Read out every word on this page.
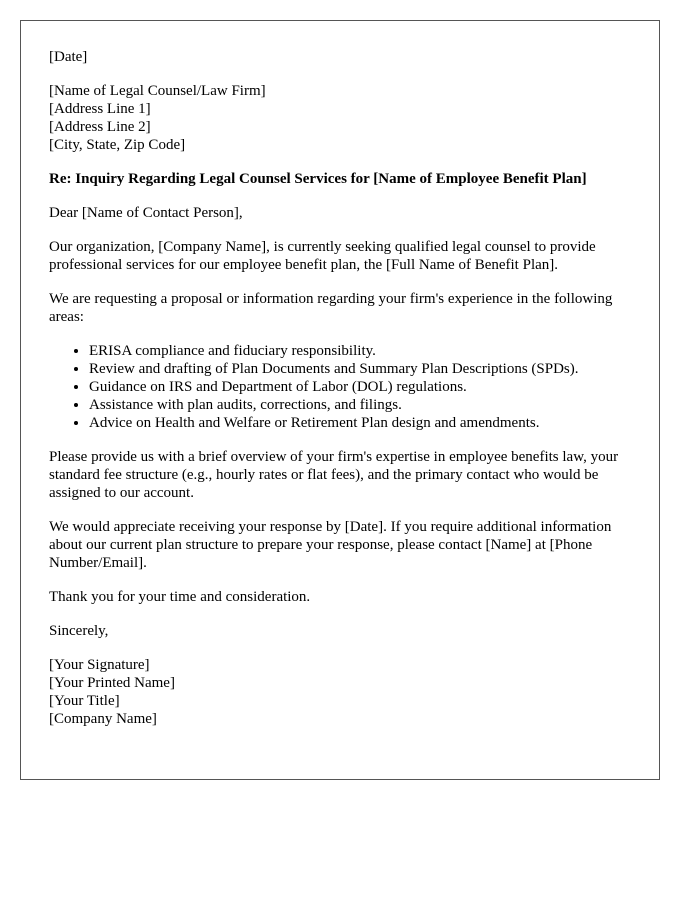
[Date]
[Name of Legal Counsel/Law Firm]
[Address Line 1]
[Address Line 2]
[City, State, Zip Code]
Re: Inquiry Regarding Legal Counsel Services for [Name of Employee Benefit Plan]

Dear [Name of Contact Person],

Our organization, [Company Name], is currently seeking qualified legal counsel to provide professional services for our employee benefit plan, the [Full Name of Benefit Plan].

We are requesting a proposal or information regarding your firm's experience in the following areas:

• ERISA compliance and fiduciary responsibility.
• Review and drafting of Plan Documents and Summary Plan Descriptions (SPDs).
• Guidance on IRS and Department of Labor (DOL) regulations.
• Assistance with plan audits, corrections, and filings.
• Advice on Health and Welfare or Retirement Plan design and amendments.

Please provide us with a brief overview of your firm's expertise in employee benefits law, your standard fee structure (e.g., hourly rates or flat fees), and the primary contact who would be assigned to our account.

We would appreciate receiving your response by [Date]. If you require additional information about our current plan structure to prepare your response, please contact [Name] at [Phone Number/Email].

Thank you for your time and consideration.

Sincerely,

[Your Signature]
[Your Printed Name]
[Your Title]
[Company Name]
